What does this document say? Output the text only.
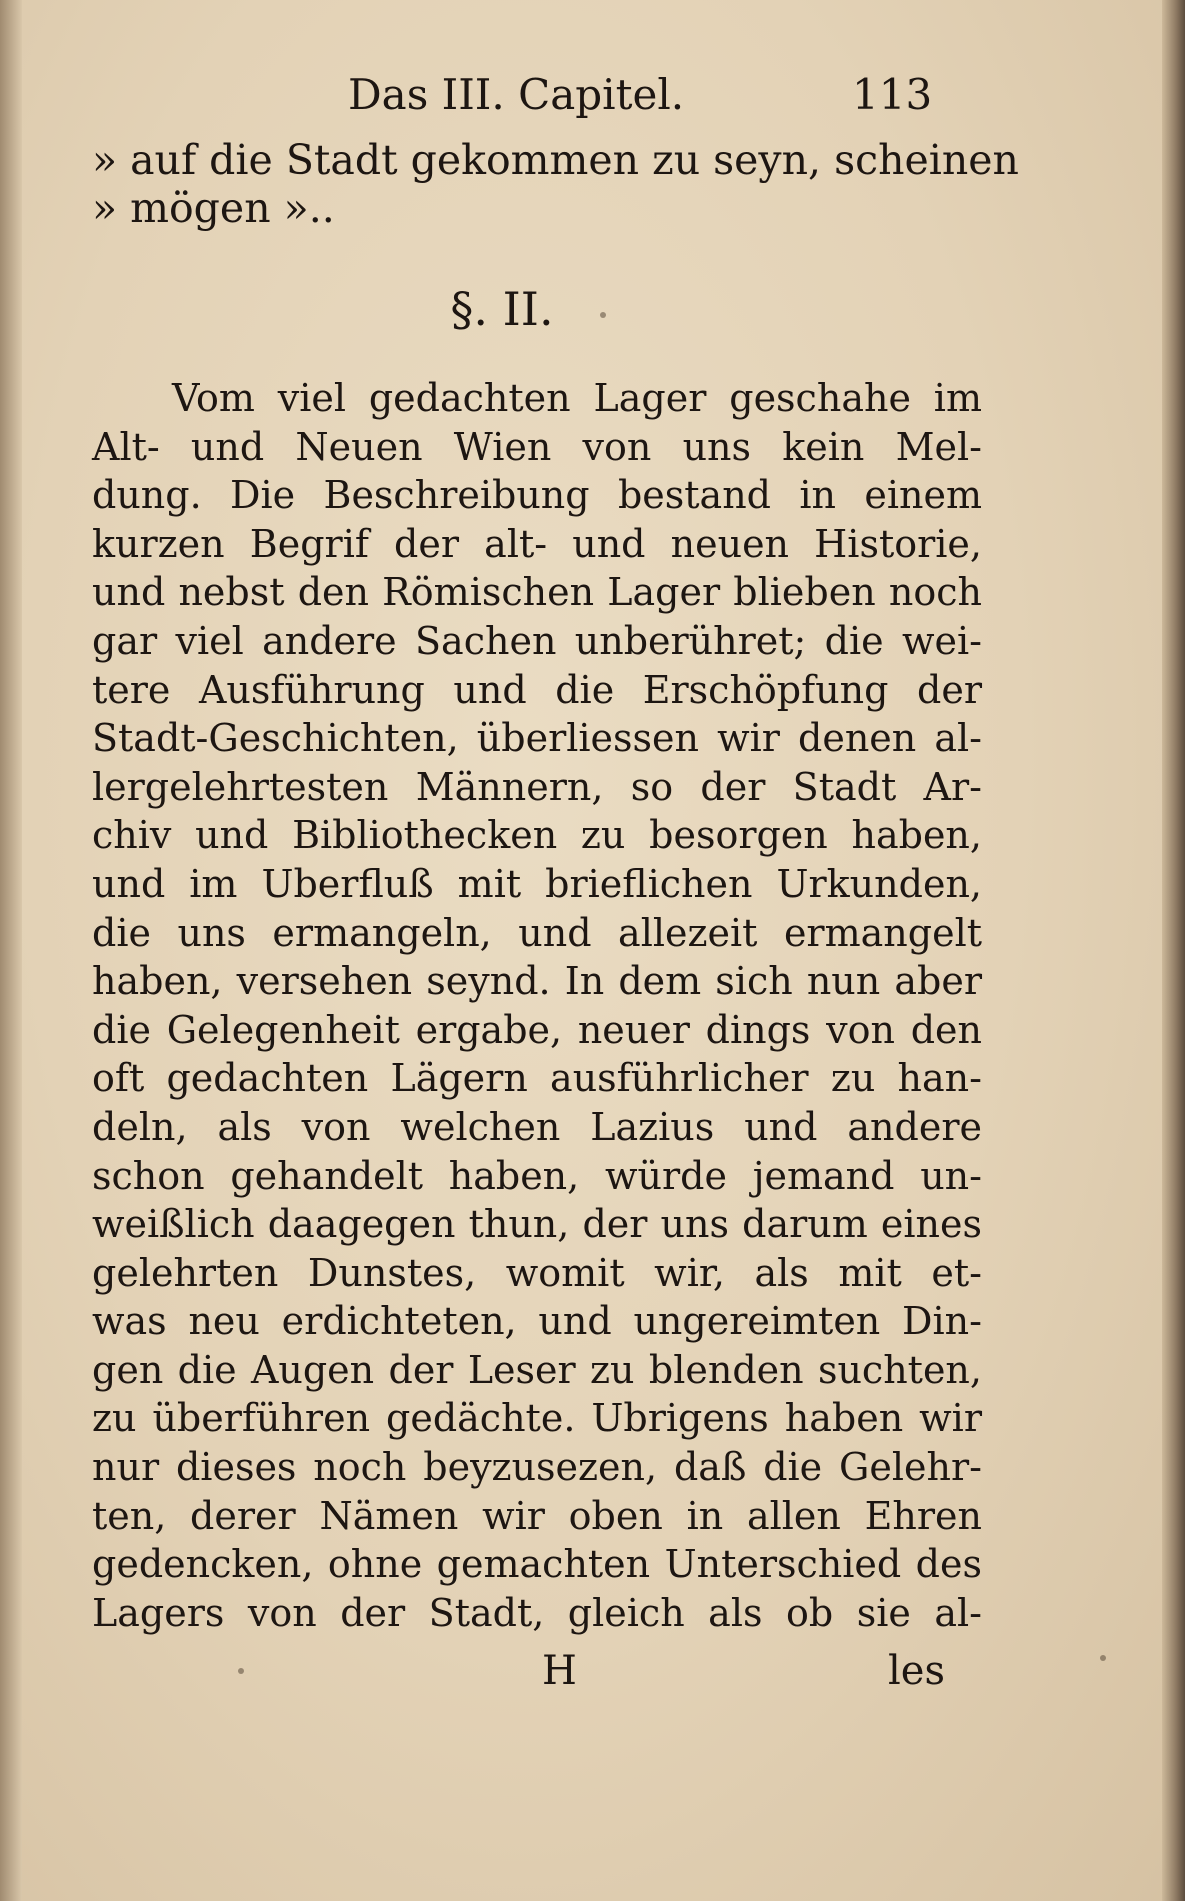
Das III. Capitel.	113
» auf die Stadt gekommen zu seyn, scheinen
» mögen »..
§. II.
Vom viel gedachten Lager geschahe im
Alt- und Neuen Wien von uns kein Mel-
dung. Die Beschreibung bestand in einem
kurzen Begrif der alt- und neuen Historie,
und nebst den Römischen Lager blieben noch
gar viel andere Sachen unberühret; die wei-
tere Ausführung und die Erschöpfung der
Stadt-Geschichten, überliessen wir denen al-
lergelehrtesten Männern, so der Stadt Ar-
chiv und Bibliothecken zu besorgen haben,
und im Uberfluß mit brieflichen Urkunden,
die uns ermangeln, und allezeit ermangelt
haben, versehen seynd. In dem sich nun aber
die Gelegenheit ergabe, neuer dings von den
oft gedachten Lägern ausführlicher zu han-
deln, als von welchen Lazius und andere
schon gehandelt haben, würde jemand un-
weißlich daagegen thun, der uns darum eines
gelehrten Dunstes, womit wir, als mit et-
was neu erdichteten, und ungereimten Din-
gen die Augen der Leser zu blenden suchten,
zu überführen gedächte. Ubrigens haben wir
nur dieses noch beyzusezen, daß die Gelehr-
ten, derer Nämen wir oben in allen Ehren
gedencken, ohne gemachten Unterschied des
Lagers von der Stadt, gleich als ob sie al-
H	les
